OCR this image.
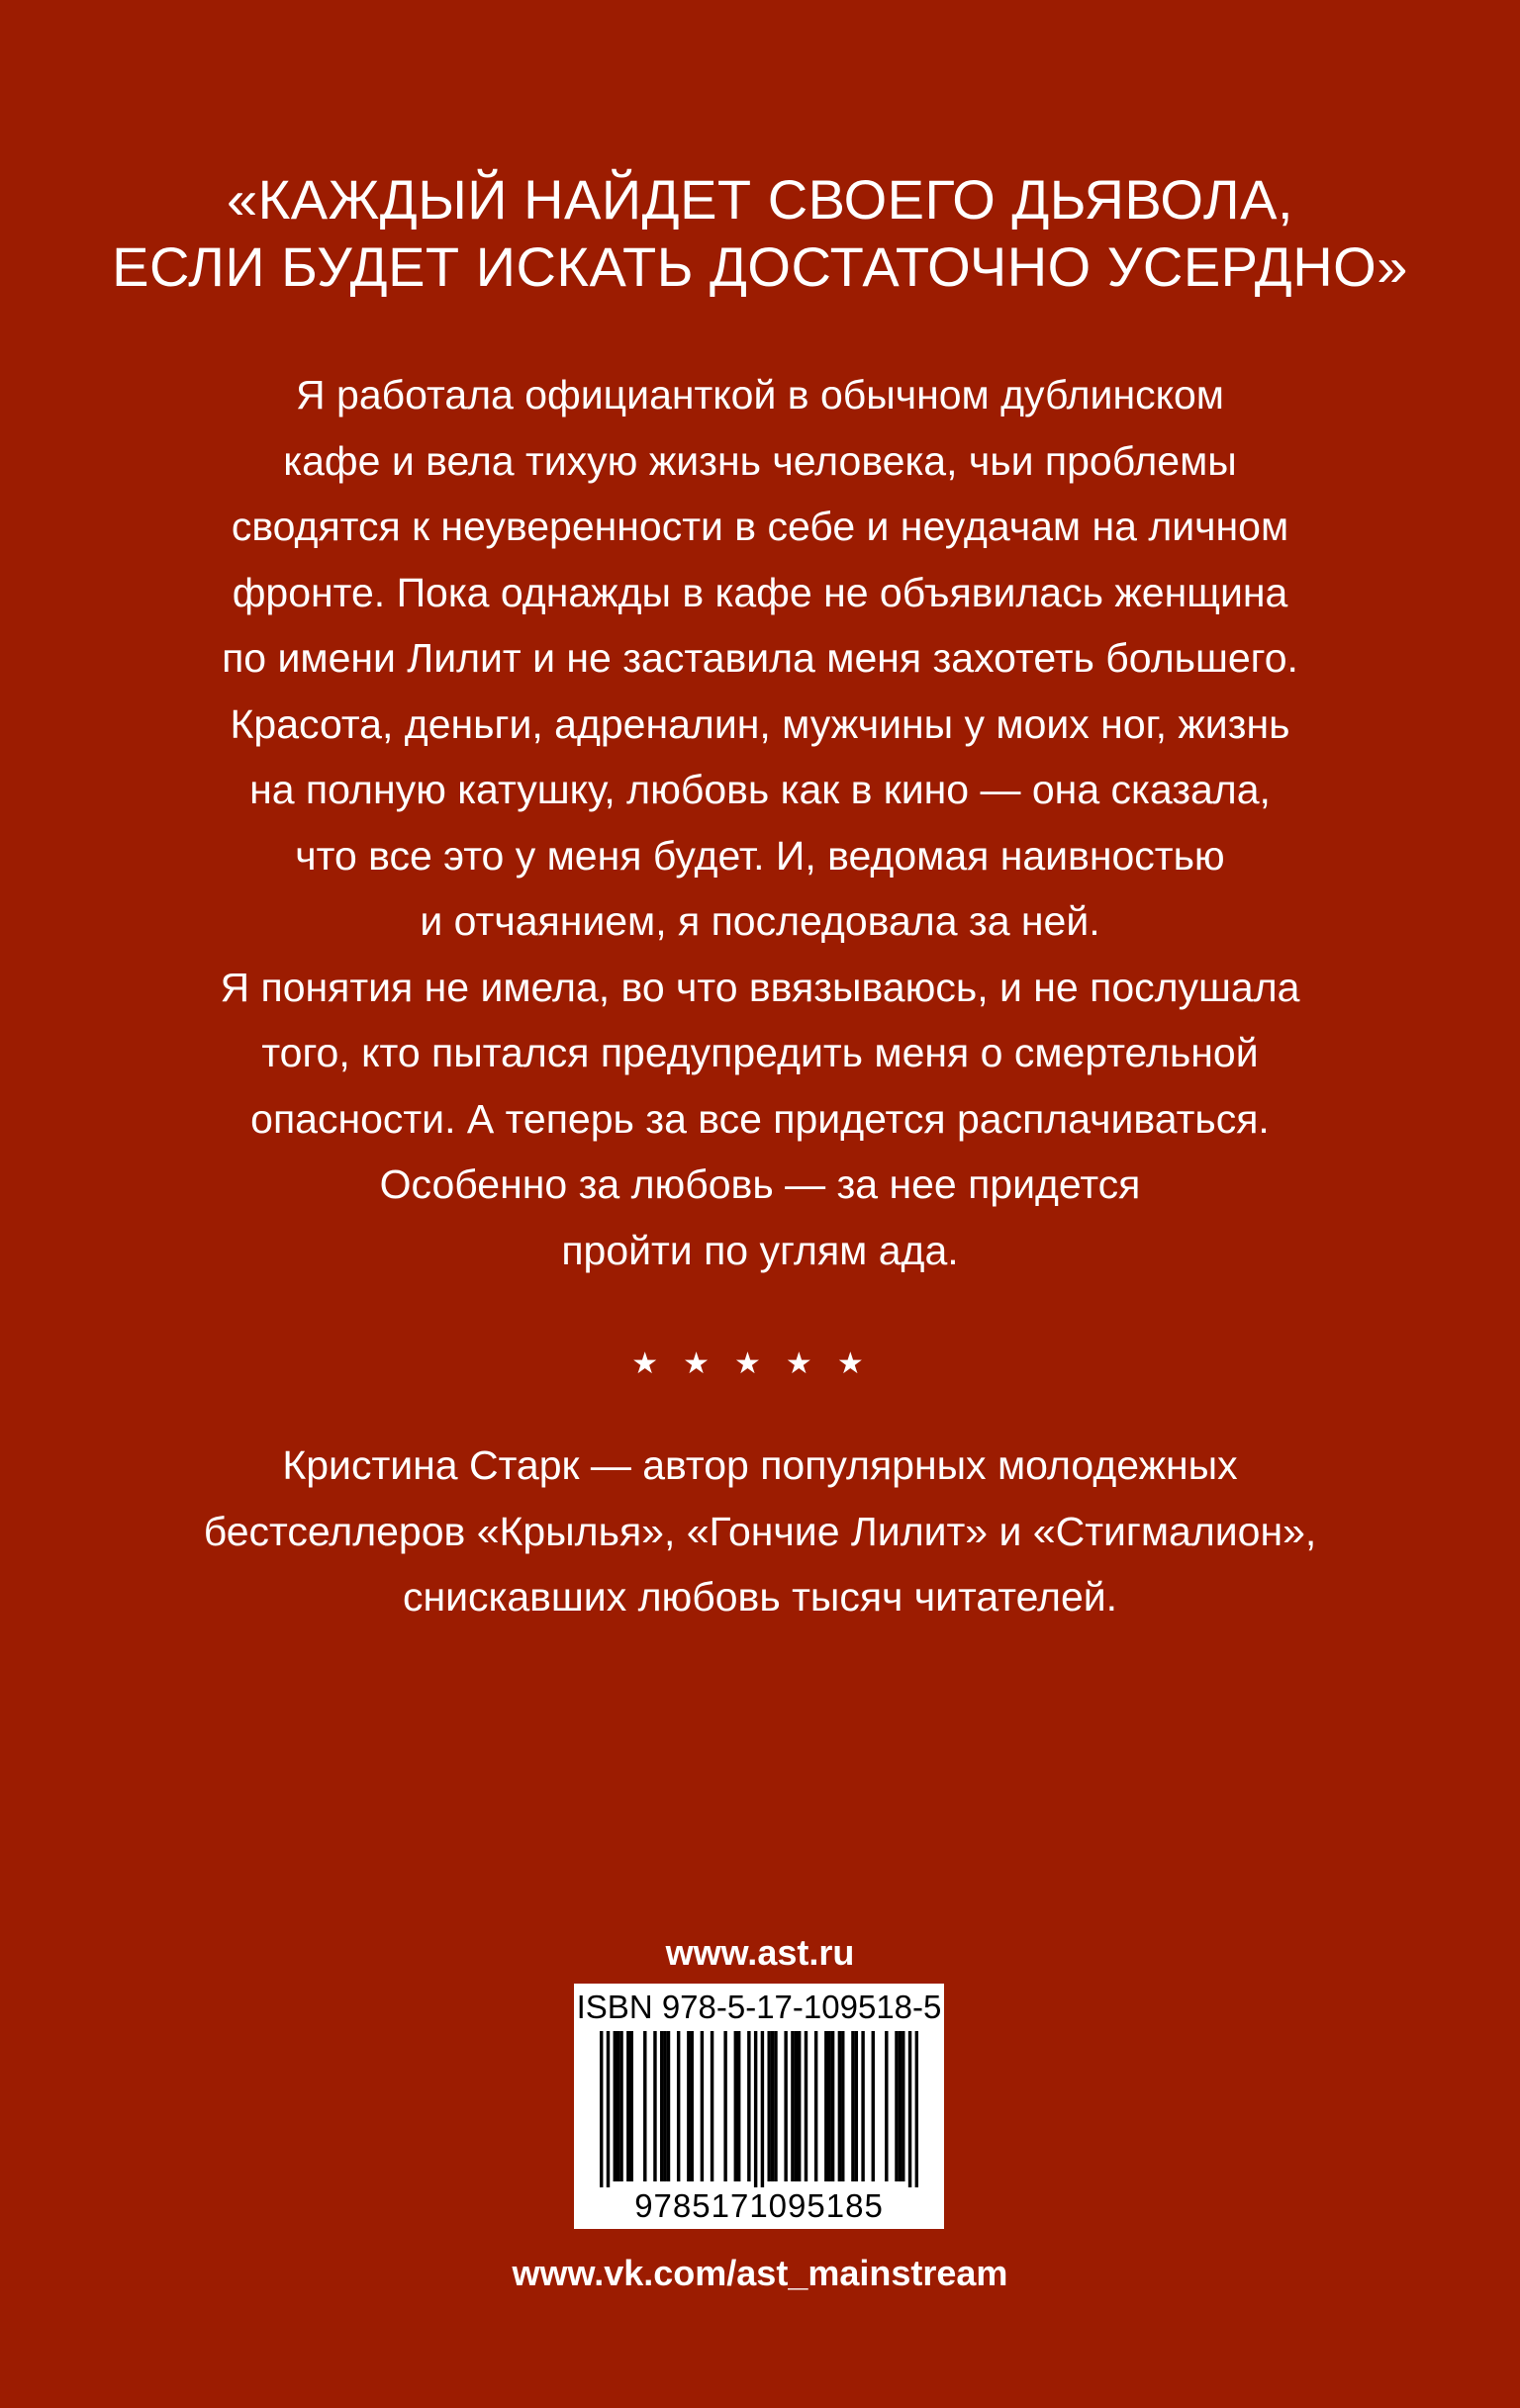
«КАЖДЫЙ НАЙДЕТ СВОЕГО ДЬЯВОЛА,
ЕСЛИ БУДЕТ ИСКАТЬ ДОСТАТОЧНО УСЕРДНО»
Я работала официанткой в обычном дублинском
кафе и вела тихую жизнь человека, чьи проблемы
сводятся к неуверенности в себе и неудачам на личном
фронте. Пока однажды в кафе не объявилась женщина
по имени Лилит и не заставила меня захотеть большего.
Красота, деньги, адреналин, мужчины у моих ног, жизнь
на полную катушку, любовь как в кино — она сказала,
что все это у меня будет. И, ведомая наивностью
и отчаянием, я последовала за ней.
Я понятия не имела, во что ввязываюсь, и не послушала
того, кто пытался предупредить меня о смертельной
опасности. А теперь за все придется расплачиваться.
Особенно за любовь — за нее придется
пройти по углям ада.
★★★★★
Кристина Старк — автор популярных молодежных
бестселлеров «Крылья», «Гончие Лилит» и «Стигмалион»,
снискавших любовь тысяч читателей.
www.ast.ru
ISBN 978-5-17-109518-5
9785171095185
www.vk.com/ast_mainstream
